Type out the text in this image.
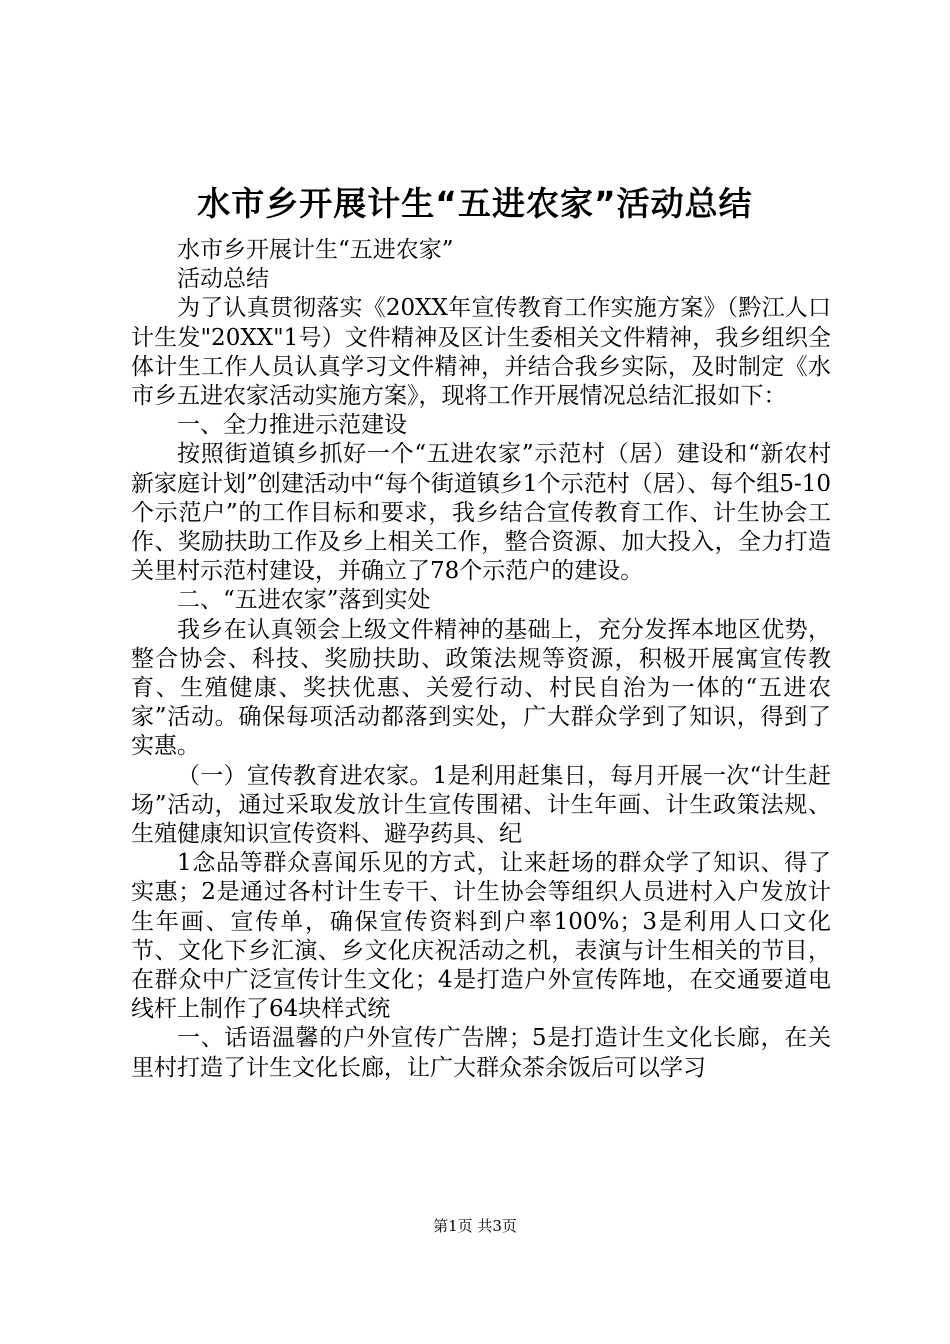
水市乡开展计生“五进农家”活动总结

水市乡开展计生“五进农家”

活动总结

为了认真贯彻落实《20XX年宣传教育工作实施方案》（黔江人口计生发"20XX"1号）文件精神及区计生委相关文件精神，我乡组织全体计生工作人员认真学习文件精神，并结合我乡实际，及时制定《水市乡五进农家活动实施方案》，现将工作开展情况总结汇报如下：

一、全力推进示范建设

按照街道镇乡抓好一个“五进农家”示范村（居）建设和“新农村新家庭计划”创建活动中“每个街道镇乡1个示范村（居）、每个组5-10个示范户”的工作目标和要求，我乡结合宣传教育工作、计生协会工作、奖励扶助工作及乡上相关工作，整合资源、加大投入，全力打造关里村示范村建设，并确立了78个示范户的建设。

二、“五进农家”落到实处

我乡在认真领会上级文件精神的基础上，充分发挥本地区优势，整合协会、科技、奖励扶助、政策法规等资源，积极开展寓宣传教育、生殖健康、奖扶优惠、关爱行动、村民自治为一体的“五进农家”活动。确保每项活动都落到实处，广大群众学到了知识，得到了实惠。

（一）宣传教育进农家。1是利用赶集日，每月开展一次“计生赶场”活动，通过采取发放计生宣传围裙、计生年画、计生政策法规、生殖健康知识宣传资料、避孕药具、纪

1念品等群众喜闻乐见的方式，让来赶场的群众学了知识、得了实惠；2是通过各村计生专干、计生协会等组织人员进村入户发放计生年画、宣传单，确保宣传资料到户率100%；3是利用人口文化节、文化下乡汇演、乡文化庆祝活动之机，表演与计生相关的节目，在群众中广泛宣传计生文化；4是打造户外宣传阵地，在交通要道电线杆上制作了64块样式统

一、话语温馨的户外宣传广告牌；5是打造计生文化长廊，在关里村打造了计生文化长廊，让广大群众茶余饭后可以学习

第1页 共3页
